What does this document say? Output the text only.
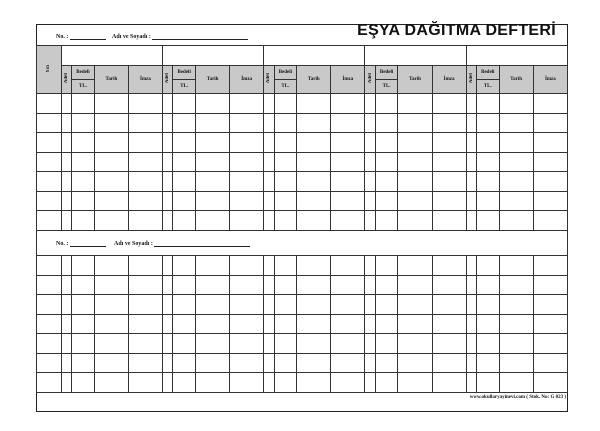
No. :	Adı ve Soyadı :	EŞYA DAĞITMA DEFTERİ
Yılı																				
	Adet	Bedeli	Tarih	İmza	Adet	Bedeli	Tarih	İmza	Adet	Bedeli	Tarih	İmza	Adet	Bedeli	Tarih	İmza	Adet	Bedeli	Tarih	İmza
		TL.				TL.				TL.				TL.				TL.		

No. :	Adı ve Soyadı :

www.okullaryayinevi.com ( Stok. No: G 023 )
